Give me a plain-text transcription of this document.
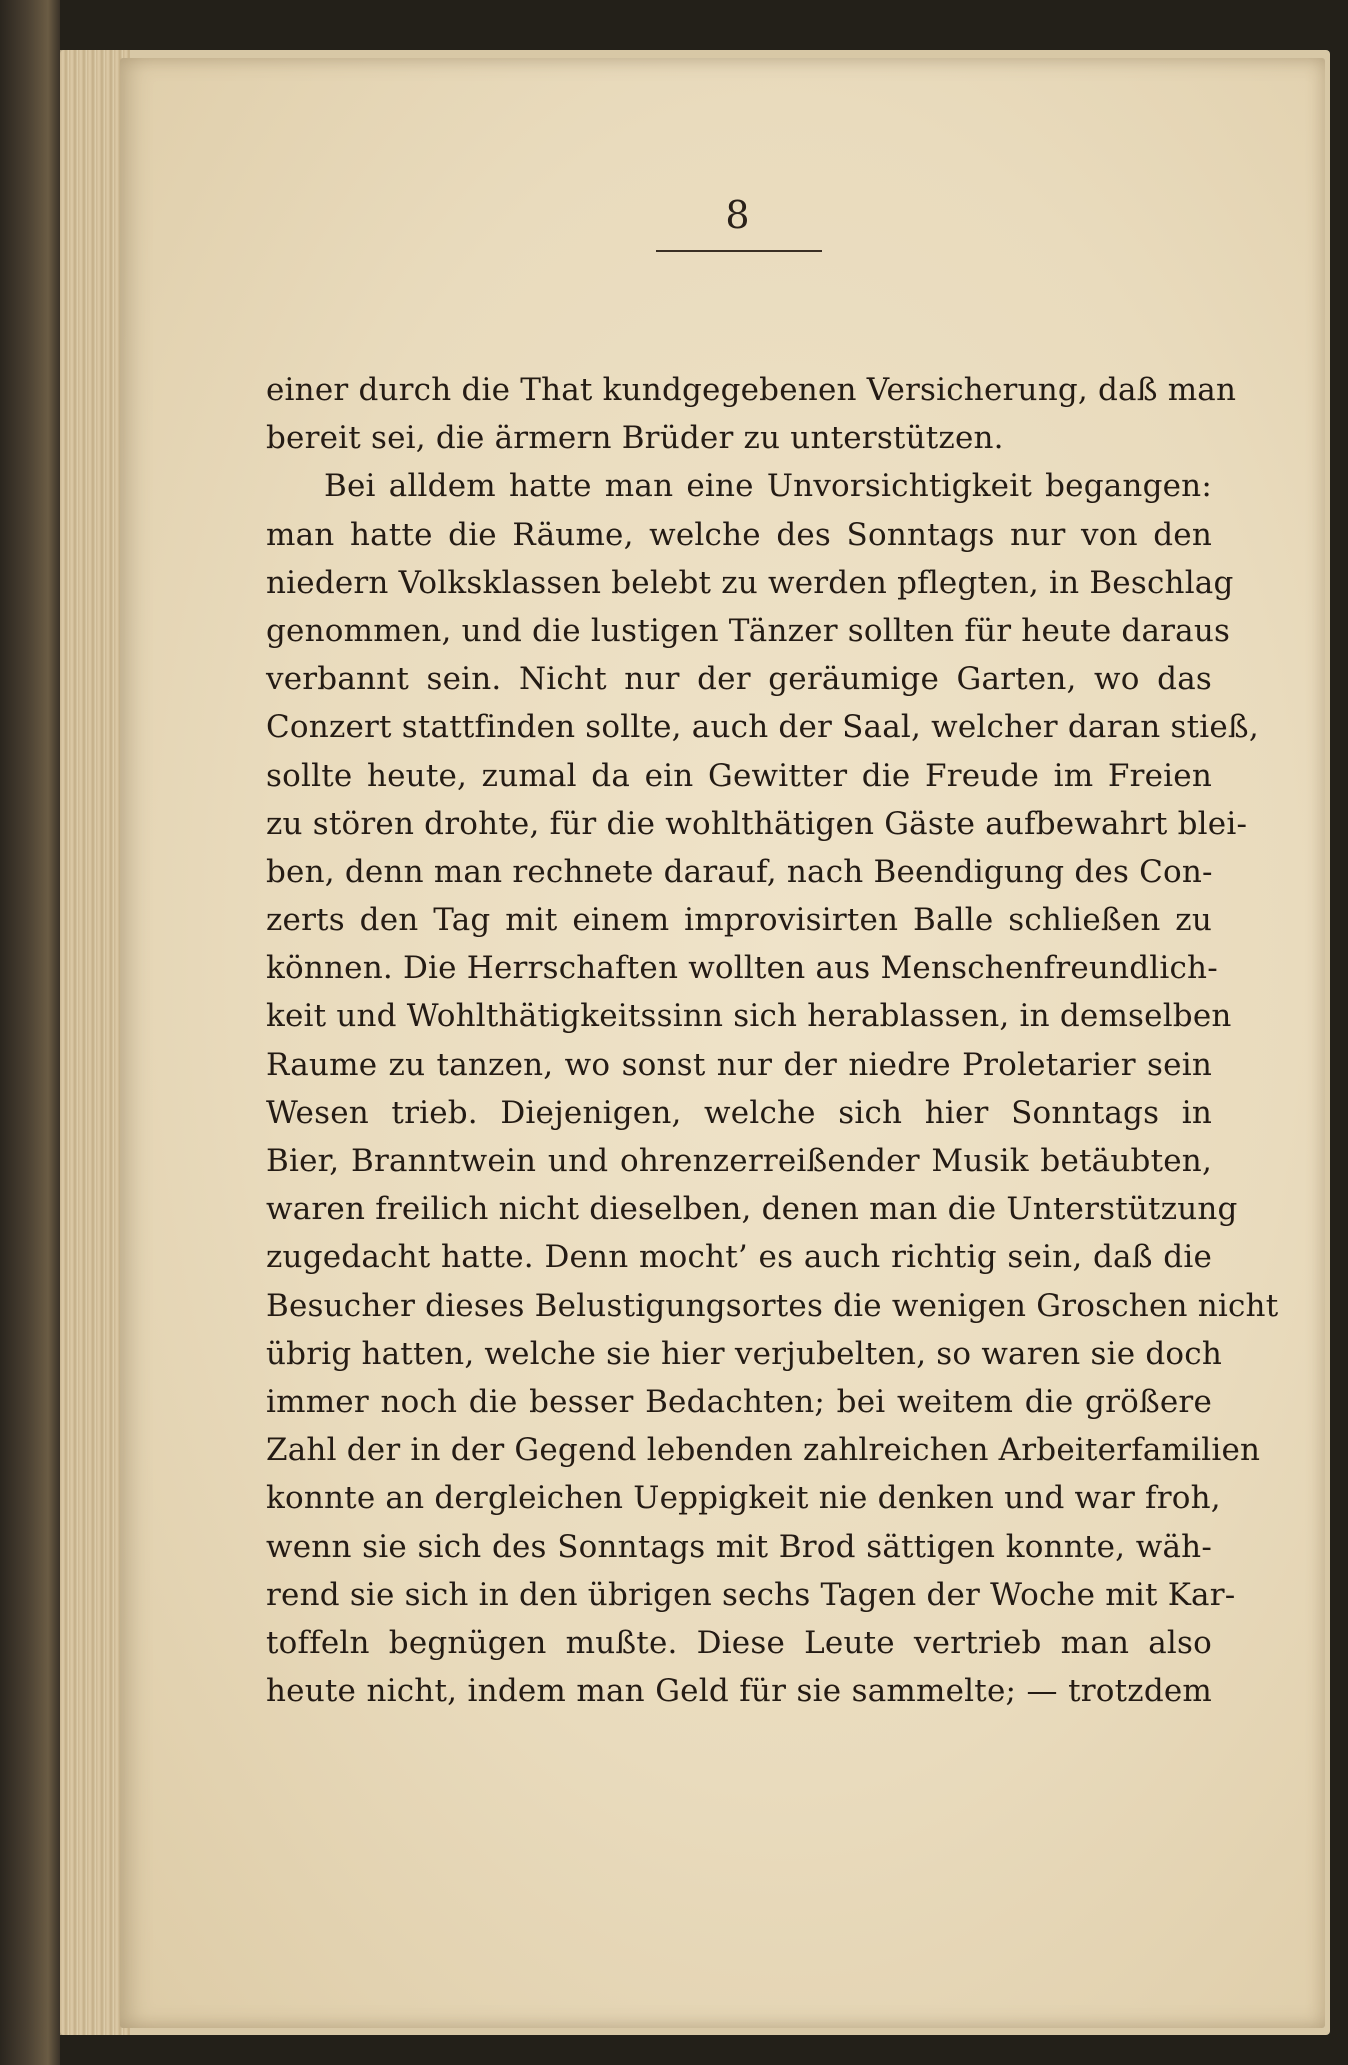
8
einer durch die That kundgegebenen Versicherung, daß man
bereit sei, die ärmern Brüder zu unterstützen.
Bei alldem hatte man eine Unvorsichtigkeit begangen:
man hatte die Räume, welche des Sonntags nur von den
niedern Volksklassen belebt zu werden pflegten, in Beschlag
genommen, und die lustigen Tänzer sollten für heute daraus
verbannt sein. Nicht nur der geräumige Garten, wo das
Conzert stattfinden sollte, auch der Saal, welcher daran stieß,
sollte heute, zumal da ein Gewitter die Freude im Freien
zu stören drohte, für die wohlthätigen Gäste aufbewahrt blei-
ben, denn man rechnete darauf, nach Beendigung des Con-
zerts den Tag mit einem improvisirten Balle schließen zu
können. Die Herrschaften wollten aus Menschenfreundlich-
keit und Wohlthätigkeitssinn sich herablassen, in demselben
Raume zu tanzen, wo sonst nur der niedre Proletarier sein
Wesen trieb. Diejenigen, welche sich hier Sonntags in
Bier, Branntwein und ohrenzerreißender Musik betäubten,
waren freilich nicht dieselben, denen man die Unterstützung
zugedacht hatte. Denn mocht’ es auch richtig sein, daß die
Besucher dieses Belustigungsortes die wenigen Groschen nicht
übrig hatten, welche sie hier verjubelten, so waren sie doch
immer noch die besser Bedachten; bei weitem die größere
Zahl der in der Gegend lebenden zahlreichen Arbeiterfamilien
konnte an dergleichen Ueppigkeit nie denken und war froh,
wenn sie sich des Sonntags mit Brod sättigen konnte, wäh-
rend sie sich in den übrigen sechs Tagen der Woche mit Kar-
toffeln begnügen mußte. Diese Leute vertrieb man also
heute nicht, indem man Geld für sie sammelte; — trotzdem
